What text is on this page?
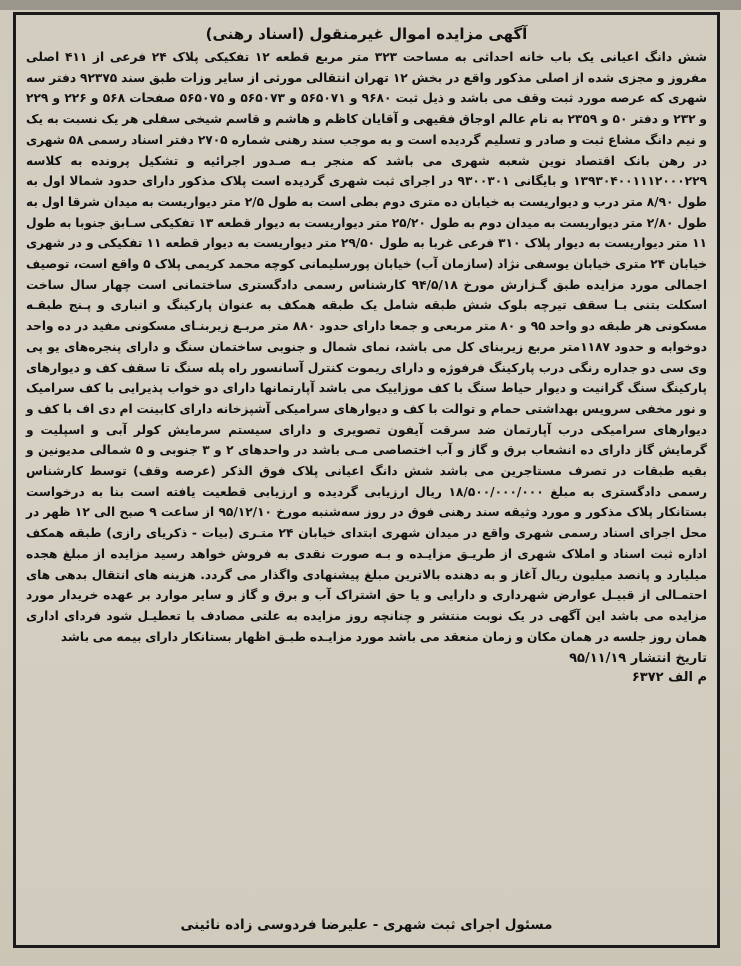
آگهی مزایده اموال غیرمنقول (اسناد رهنی)

شش دانگ اعیانی یک باب خانه احداثی به مساحت ۳۲۳ متر مربع قطعه ۱۲ تفکیکی پلاک ۲۴ فرعی از ۴۱۱ اصلی مفروز و مجزی شده از اصلی مذکور واقع در بخش ۱۲ تهران انتقالی مورثی از سایر وزات طبق سند ۹۲۳۷۵ دفتر سه شهری که عرصه مورد ثبت وقف می باشد و ذیل ثبت ۹۶۸۰ و ۵۶۵۰۷۱ و ۵۶۵۰۷۳ و ۵۶۵۰۷۵ صفحات ۵۶۸ و ۲۲۶ و ۲۲۹ و ۲۳۲ و دفتر ۵۰ و ۲۳۵۹ به نام عالم اوجاق فقیهی و آقایان کاظم و هاشم و قاسم شیخی سفلی هر یک نسبت به یک و نیم دانگ مشاع ثبت و صادر و تسلیم گردیده است و به موجب سند رهنی شماره ۲۷۰۵ دفتر اسناد رسمی ۵۸ شهری در رهن بانک اقتصاد نوین شعبه شهری می باشد که منجر بـه صـدور اجرائیه و تشکیل پرونده به کلاسه ۱۳۹۳۰۴۰۰۱۱۱۲۰۰۰۲۲۹ و بایگانی ۹۳۰۰۳۰۱ در اجرای ثبت شهری گردیده است پلاک مذکور دارای حدود شمالا اول به طول ۸/۹۰ متر درب و دیواریست به خیابان ده متری دوم بطی است به طول ۲/۵ متر دیواریست به میدان شرقا اول به طول ۲/۸۰ متر دیواریست به میدان دوم به طول ۲۵/۲۰ متر دیواریست به دیوار قطعه ۱۳ تفکیکی سـابق جنوبا به طول ۱۱ متر دیواریست به دیوار پلاک ۳۱۰ فرعی غربا به طول ۲۹/۵۰ متر دیواریست به دیوار قطعه ۱۱ تفکیکی و در شهری خیابان ۲۴ متری خیابان یوسفی نژاد (سازمان آب) خیابان پورسلیمانی کوچه محمد کریمی پلاک ۵ واقع است، توصیف اجمالی مورد مزایده طبق گـزارش مورخ ۹۴/۵/۱۸ کارشناس رسمی دادگستری ساختمانی است چهار سال ساخت اسکلت بتنی بـا سقف تیرچه بلوک شش طبقه شامل یک طبقه همکف به عنوان پارکینگ و انباری و پـنج طبقـه مسکونی هر طبقه دو واحد ۹۵ و ۸۰ متر مربعی و جمعا دارای حدود ۸۸۰ متر مربـع زیربنـای مسکونی مفید در ده واحد دوخوابه و حدود ۱۱۸۷متر مربع زیربنای کل می باشد، نمای شمال و جنوبی ساختمان سنگ و دارای پنجره‌های یو پی وی سی دو جداره رنگی درب پارکینگ فرفوژه و دارای ریموت کنترل آسانسور راه پله سنگ تا سقف کف و دیوارهای پارکینگ سنگ گرانیت و دیوار حیاط سنگ با کف موزاییک می باشد آپارتمانها دارای دو خواب پذیرایی با کف سرامیک و نور مخفی سرویس بهداشتی حمام و توالت با کف و دیوارهای سرامیکی آشپزخانه دارای کابینت ام دی اف با کف و دیوارهای سرامیکی درب آپارتمان ضد سرقت آیفون تصویری و دارای سیستم سرمایش کولر آبی و اسپلیت و گرمایش گاز دارای ده انشعاب برق و گاز و آب اختصاصی مـی باشد در واحدهای ۲ و ۳ جنوبی و ۵ شمالی مدیونین و بقیه طبقات در تصرف مستاجرین می باشد شش دانگ اعیانی پلاک فوق الذکر (عرصه وقف) توسط کارشناس رسمی دادگستری به مبلغ ۱۸/۵۰۰/۰۰۰/۰۰۰ ریال ارزیابی گردیده و ارزیابی قطعیت یافته است بنا به درخواست بستانکار پلاک مذکور و مورد وثیقه سند رهنی فوق در روز سه‌شنبه مورخ ۹۵/۱۲/۱۰ از ساعت ۹ صبح الی ۱۲ ظهر در محل اجرای اسناد رسمی شهری واقع در میدان شهری ابتدای خیابان ۲۴ متـری (بیات - ذکریای رازی) طبقه همکف اداره ثبت اسناد و املاک شهری از طریـق مزایـده و بـه صورت نقدی به فروش خواهد رسید مزایده از مبلغ هجده میلیارد و پانصد میلیون ریال آغاز و به دهنده بالاترین مبلغ پیشنهادی واگذار می گردد. هزینه های انتقال بدهی های احتمـالی از قبیـل عوارض شهرداری و دارایی و یا حق اشتراک آب و برق و گاز و سایر موارد بر عهده خریدار مورد مزایده می باشد این آگهی در یک نوبت منتشر و چنانچه روز مزایده به علتی مصادف با تعطیـل شود فردای اداری همان روز جلسه در همان مکان و زمان منعقد می باشد مورد مزایـده طبـق اظهار بستانکار دارای بیمه می باشد

تاریخ انتشار ۹۵/۱۱/۱۹
م الف ۶۳۷۲
مسئول اجرای ثبت شهری - علیرضا فردوسی زاده نائینی
